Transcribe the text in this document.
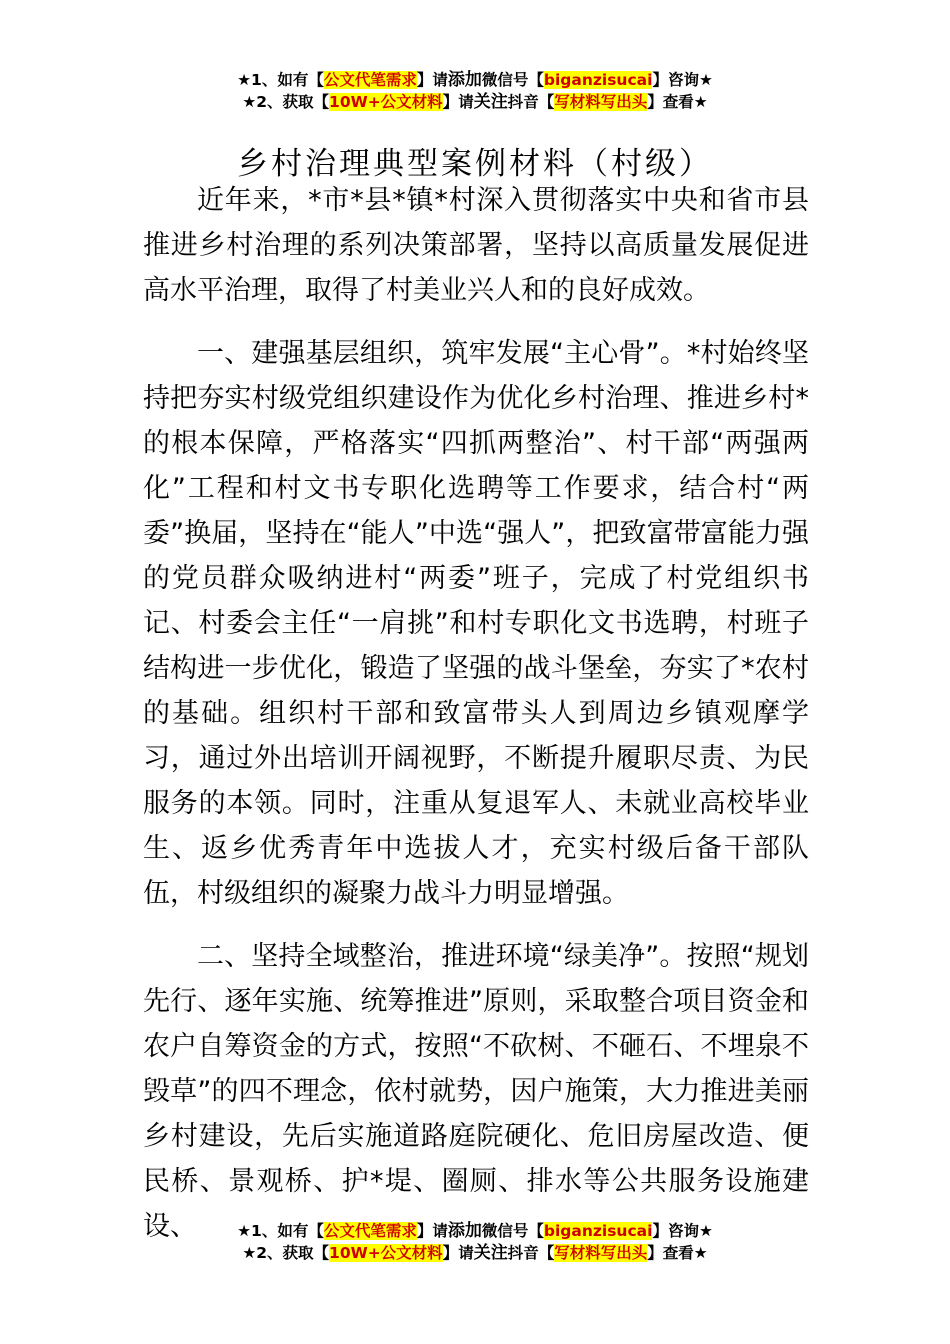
★1、如有【公文代笔需求】请添加微信号【biganzisucai】咨询★
★2、获取【10W+公文材料】请关注抖音【写材料写出头】查看★
乡村治理典型案例材料（村级）

近年来，*市*县*镇*村深入贯彻落实中央和省市县推进乡村治理的系列决策部署，坚持以高质量发展促进高水平治理，取得了村美业兴人和的良好成效。

一、建强基层组织，筑牢发展“主心骨”。*村始终坚持把夯实村级党组织建设作为优化乡村治理、推进乡村*的根本保障，严格落实“四抓两整治”、村干部“两强两化”工程和村文书专职化选聘等工作要求，结合村“两委”换届，坚持在“能人”中选“强人”，把致富带富能力强的党员群众吸纳进村“两委”班子，完成了村党组织书记、村委会主任“一肩挑”和村专职化文书选聘，村班子结构进一步优化，锻造了坚强的战斗堡垒，夯实了*农村的基础。组织村干部和致富带头人到周边乡镇观摩学习，通过外出培训开阔视野，不断提升履职尽责、为民服务的本领。同时，注重从复退军人、未就业高校毕业生、返乡优秀青年中选拔人才，充实村级后备干部队伍，村级组织的凝聚力战斗力明显增强。

二、坚持全域整治，推进环境“绿美净”。按照“规划先行、逐年实施、统筹推进”原则，采取整合项目资金和农户自筹资金的方式，按照“不砍树、不砸石、不埋泉不毁草”的四不理念，依村就势，因户施策，大力推进美丽乡村建设，先后实施道路庭院硬化、危旧房屋改造、便民桥、景观桥、护*堤、圈厕、排水等公共服务设施建设、	★1、如有【公文代笔需求】请添加微信号【biganzisucai】咨询★
★2、获取【10W+公文材料】请关注抖音【写材料写出头】查看★
